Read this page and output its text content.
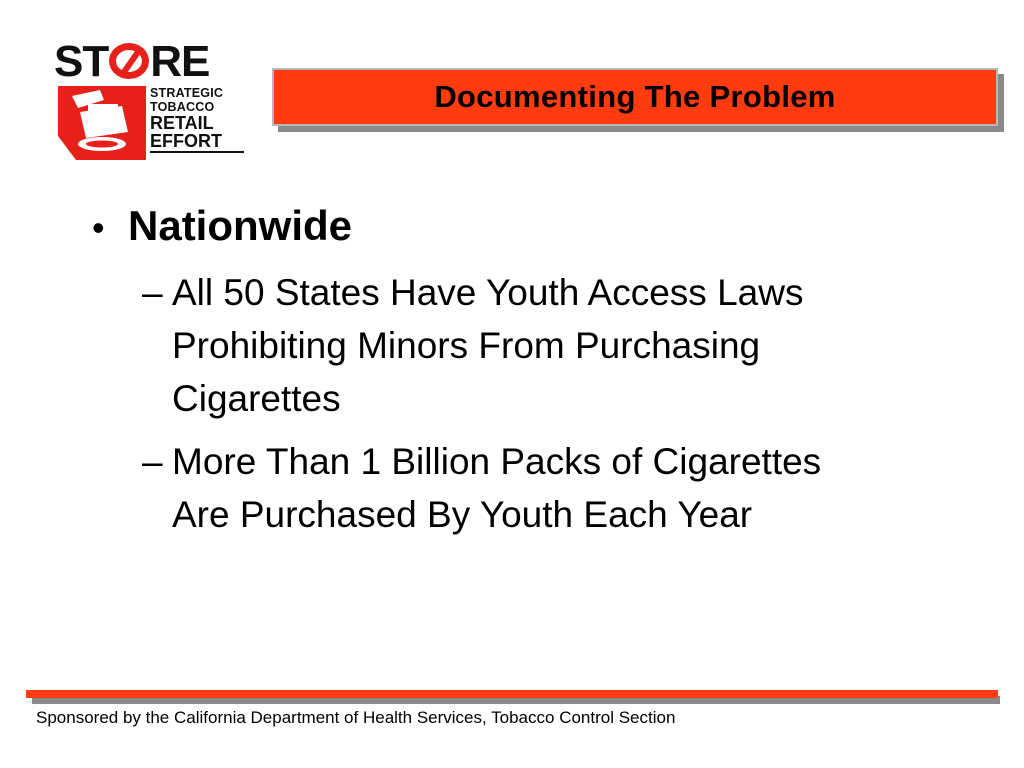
ST RE
STRATEGIC
TOBACCO
RETAIL
EFFORT
Documenting The Problem
• Nationwide
– All 50 States Have Youth Access Laws Prohibiting Minors From Purchasing Cigarettes
– More Than 1 Billion Packs of Cigarettes Are Purchased By Youth Each Year
Sponsored by the California Department of Health Services, Tobacco Control Section
